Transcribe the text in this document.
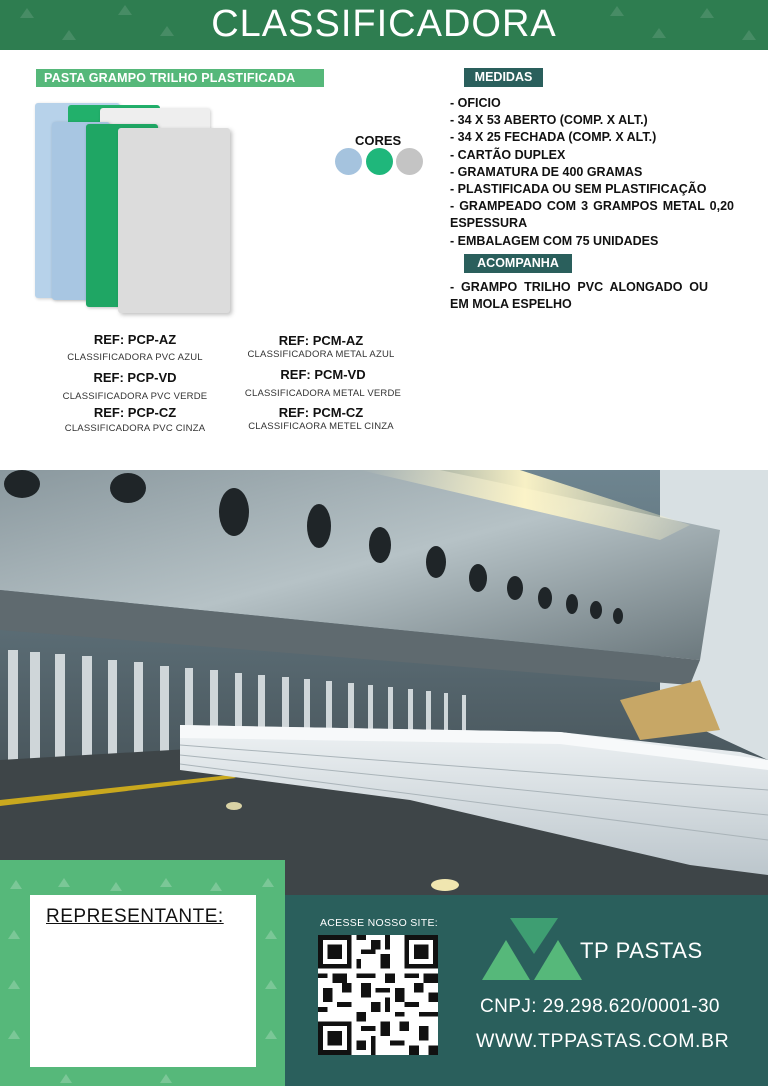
CLASSIFICADORA
PASTA GRAMPO TRILHO PLASTIFICADA
CORES
REF: PCP-AZ
CLASSIFICADORA PVC AZUL
REF: PCP-VD
CLASSIFICADORA PVC VERDE
REF: PCP-CZ
CLASSIFICADORA PVC CINZA
REF: PCM-AZ
CLASSIFICADORA METAL AZUL
REF: PCM-VD
CLASSIFICADORA METAL VERDE
REF: PCM-CZ
CLASSIFICAORA METEL CINZA
MEDIDAS
- OFICIO
- 34 X 53 ABERTO (COMP. X ALT.)
- 34 X 25 FECHADA (COMP. X ALT.)
- CARTÃO DUPLEX
- GRAMATURA DE 400 GRAMAS
- PLASTIFICADA OU SEM PLASTIFICAÇÃO
- GRAMPEADO COM 3 GRAMPOS METAL 0,20 ESPESSURA
- EMBALAGEM COM 75 UNIDADES
ACOMPANHA
- GRAMPO TRILHO PVC ALONGADO OU EM MOLA ESPELHO
REPRESENTANTE:	ACESSE NOSSO SITE:
TP PASTAS
CNPJ: 29.298.620/0001-30
WWW.TPPASTAS.COM.BR
